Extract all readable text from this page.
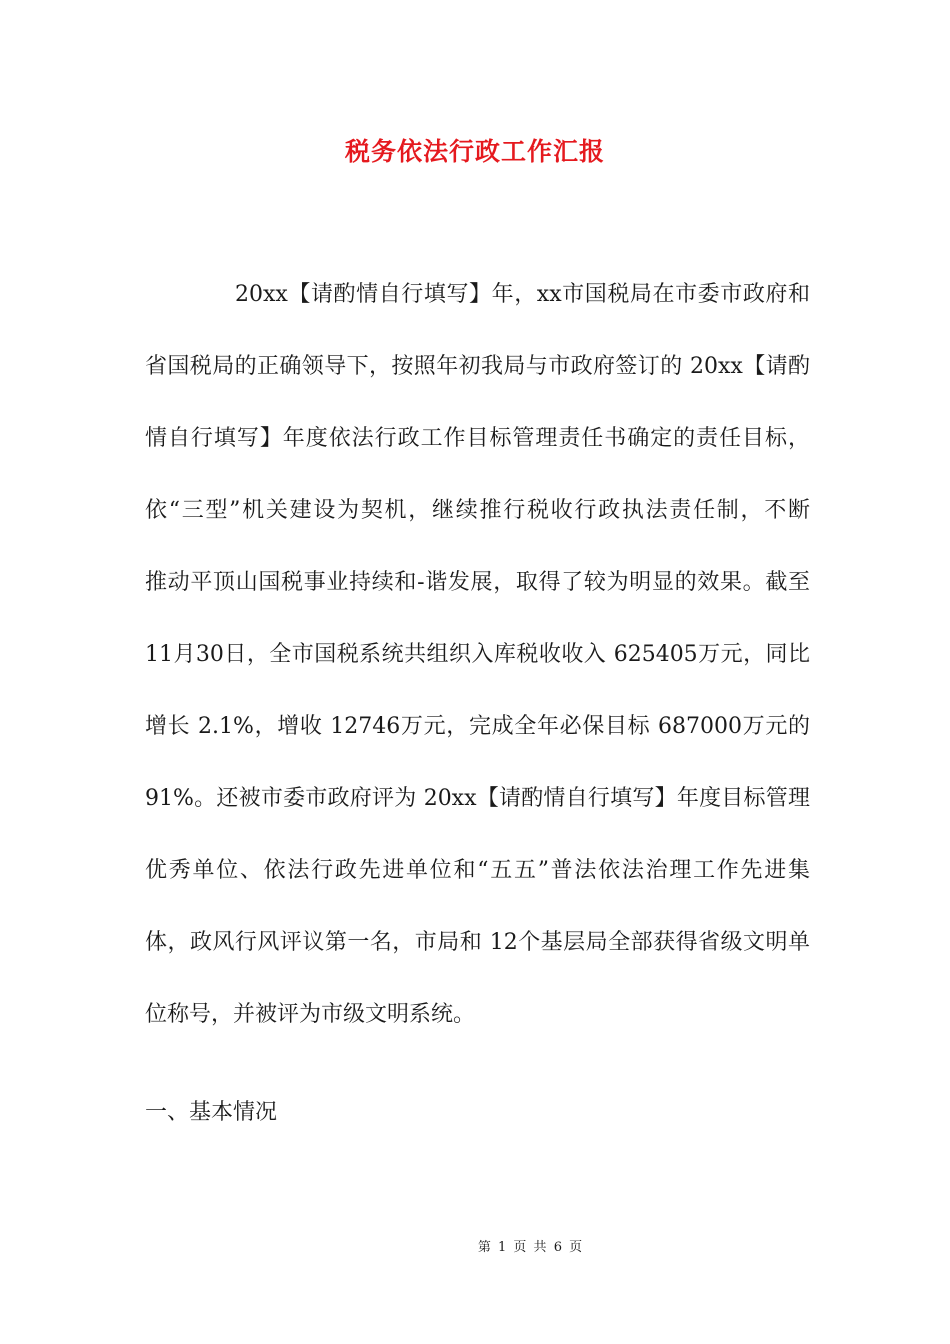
税务依法行政工作汇报
20xx【请酌情自行填写】年，xx市国税局在市委市政府和
省国税局的正确领导下，按照年初我局与市政府签订的 20xx【请酌
情自行填写】年度依法行政工作目标管理责任书确定的责任目标，
依“三型”机关建设为契机，继续推行税收行政执法责任制，不断
推动平顶山国税事业持续和-谐发展，取得了较为明显的效果。截至
11月30日，全市国税系统共组织入库税收收入 625405万元，同比
增长 2.1%，增收 12746万元，完成全年必保目标 687000万元的
91%。还被市委市政府评为 20xx【请酌情自行填写】年度目标管理
优秀单位、依法行政先进单位和“五五”普法依法治理工作先进集
体，政风行风评议第一名，市局和 12个基层局全部获得省级文明单
位称号，并被评为市级文明系统。
一、基本情况
第 1 页 共 6 页
